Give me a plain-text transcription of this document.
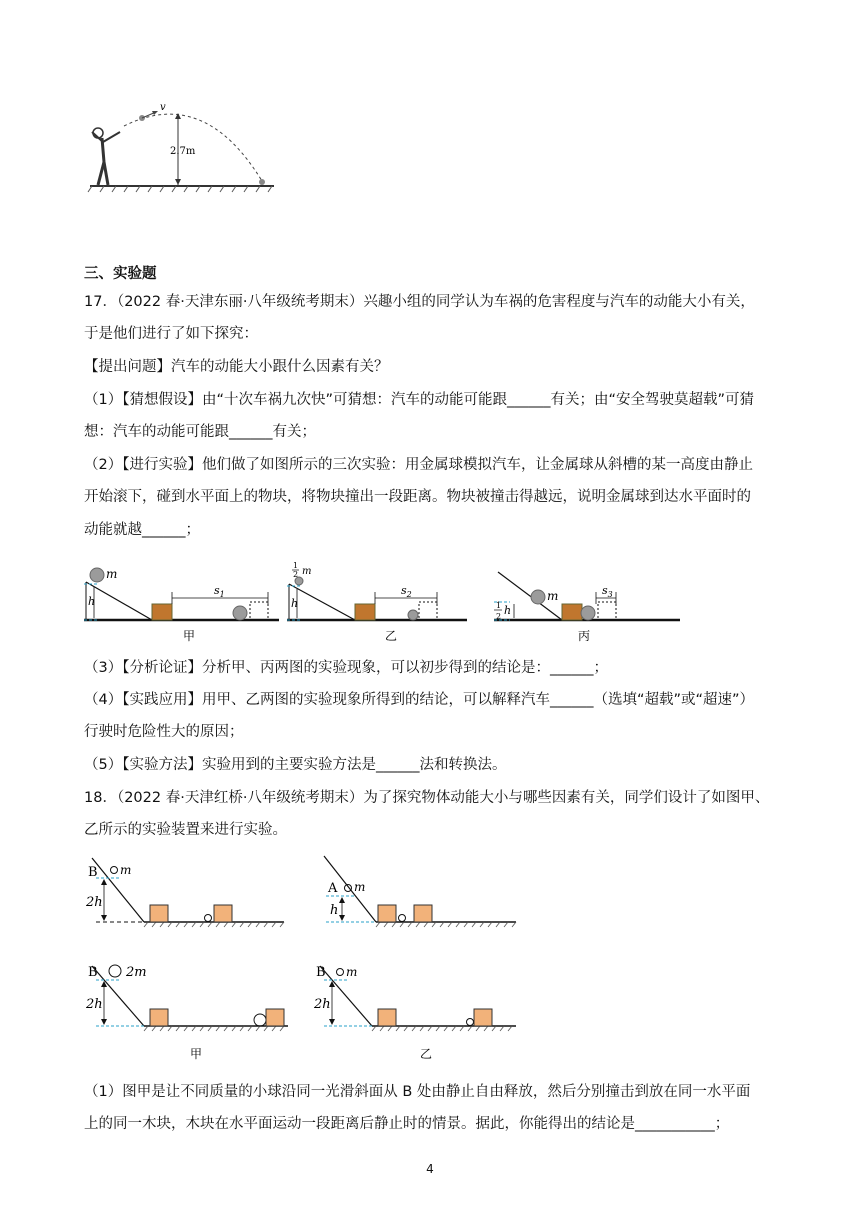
v
2.7m
三、实验题
17．（2022 春·天津东丽·八年级统考期末）兴趣小组的同学认为车祸的危害程度与汽车的动能大小有关，
于是他们进行了如下探究：
【提出问题】汽车的动能大小跟什么因素有关？
（1）【猜想假设】由“十次车祸九次快”可猜想：汽车的动能可能跟______有关；由“安全驾驶莫超载”可猜
想：汽车的动能可能跟______有关；
（2）【进行实验】他们做了如图所示的三次实验：用金属球模拟汽车，让金属球从斜槽的某一高度由静止
开始滚下，碰到水平面上的物块，将物块撞出一段距离。物块被撞击得越远，说明金属球到达水平面时的
动能就越______；
h
m
$s_1$
甲
h
1
2 m
$s_2$
乙
1
2 h
m	$s_3$
丙
（3）【分析论证】分析甲、丙两图的实验现象，可以初步得到的结论是：______；
（4）【实践应用】用甲、乙两图的实验现象所得到的结论，可以解释汽车______（选填“超载”或“超速”）
行驶时危险性大的原因；
（5）【实验方法】实验用到的主要实验方法是______法和转换法。
18．（2022 春·天津红桥·八年级统考期末）为了探究物体动能大小与哪些因素有关，同学们设计了如图甲、
乙所示的实验装置来进行实验。
B m
2h
A m
h
B 2m
2h
甲
B m
2h
乙
（1）图甲是让不同质量的小球沿同一光滑斜面从 B 处由静止自由释放，然后分别撞击到放在同一水平面
上的同一木块，木块在水平面运动一段距离后静止时的情景。据此，你能得出的结论是___________；
4
